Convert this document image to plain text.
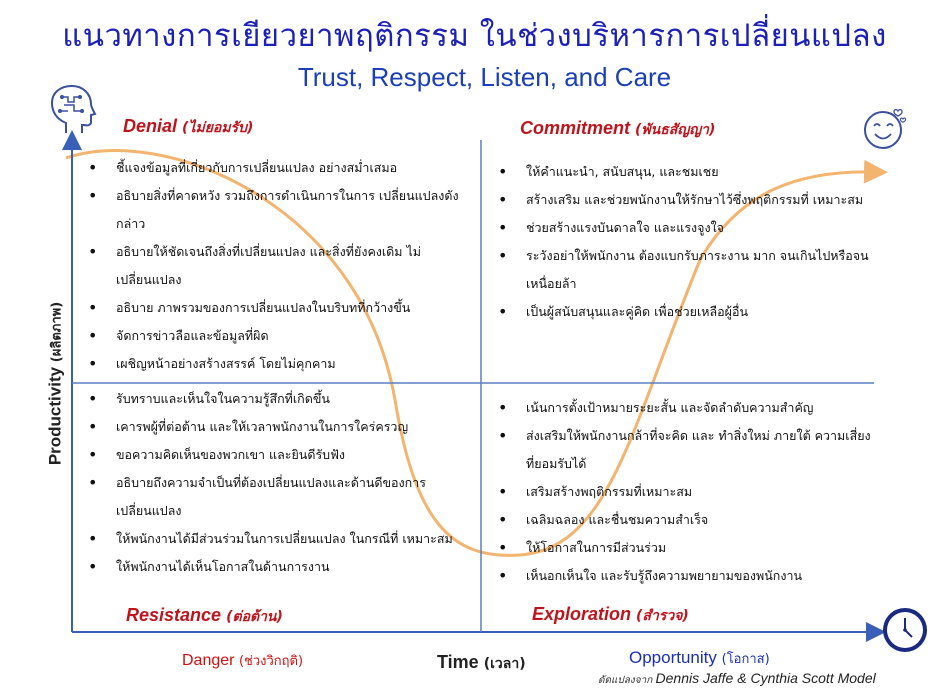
แนวทางการเยียวยาพฤติกรรม ในช่วงบริหารการเปลี่ยนแปลง
Trust, Respect, Listen, and Care
Denial (ไม่ยอมรับ)	Commitment (พันธสัญญา)
Resistance (ต่อต้าน)	Exploration (สำรวจ)
• ชี้แจงข้อมูลที่เกี่ยวกับการเปลี่ยนแปลง อย่างสม่ำเสมอ
• อธิบายสิ่งที่คาดหวัง รวมถึงการดำเนินการในการ เปลี่ยนแปลงดังกล่าว
• อธิบายให้ชัดเจนถึงสิ่งที่เปลี่ยนแปลง และสิ่งที่ยังคงเดิม ไม่เปลี่ยนแปลง
• อธิบาย ภาพรวมของการเปลี่ยนแปลงในบริบทที่กว้างขึ้น
• จัดการข่าวลือและข้อมูลที่ผิด
• เผชิญหน้าอย่างสร้างสรรค์ โดยไม่คุกคาม
• ให้คำแนะนำ, สนับสนุน, และชมเชย
• สร้างเสริม และช่วยพนักงานให้รักษาไว้ซึ่งพฤติกรรมที่ เหมาะสม
• ช่วยสร้างแรงบันดาลใจ และแรงจูงใจ
• ระวังอย่าให้พนักงาน ต้องแบกรับภาระงาน มาก จนเกินไปหรือจนเหนื่อยล้า
• เป็นผู้สนับสนุนและคู่คิด เพื่อช่วยเหลือผู้อื่น
• รับทราบและเห็นใจในความรู้สึกที่เกิดขึ้น
• เคารพผู้ที่ต่อต้าน และให้เวลาพนักงานในการใคร่ครวญ
• ขอความคิดเห็นของพวกเขา และยินดีรับฟัง
• อธิบายถึงความจำเป็นที่ต้องเปลี่ยนแปลงและด้านดีของการ เปลี่ยนแปลง
• ให้พนักงานได้มีส่วนร่วมในการเปลี่ยนแปลง ในกรณีที่ เหมาะสม
• ให้พนักงานได้เห็นโอกาสในด้านการงาน
• เน้นการตั้งเป้าหมายระยะสั้น และจัดลำดับความสำคัญ
• ส่งเสริมให้พนักงานกล้าที่จะคิด และ ทำสิ่งใหม่ ภายใต้ ความเสี่ยงที่ยอมรับได้
• เสริมสร้างพฤติกรรมที่เหมาะสม
• เฉลิมฉลอง และชื่นชมความสำเร็จ
• ให้โอกาสในการมีส่วนร่วม
• เห็นอกเห็นใจ และรับรู้ถึงความพยายามของพนักงาน
Productivity (ผลิตภาพ)
Danger (ช่วงวิกฤติ)	Time (เวลา)	Opportunity (โอกาส)
ดัดแปลงจาก Dennis Jaffe & Cynthia Scott Model
